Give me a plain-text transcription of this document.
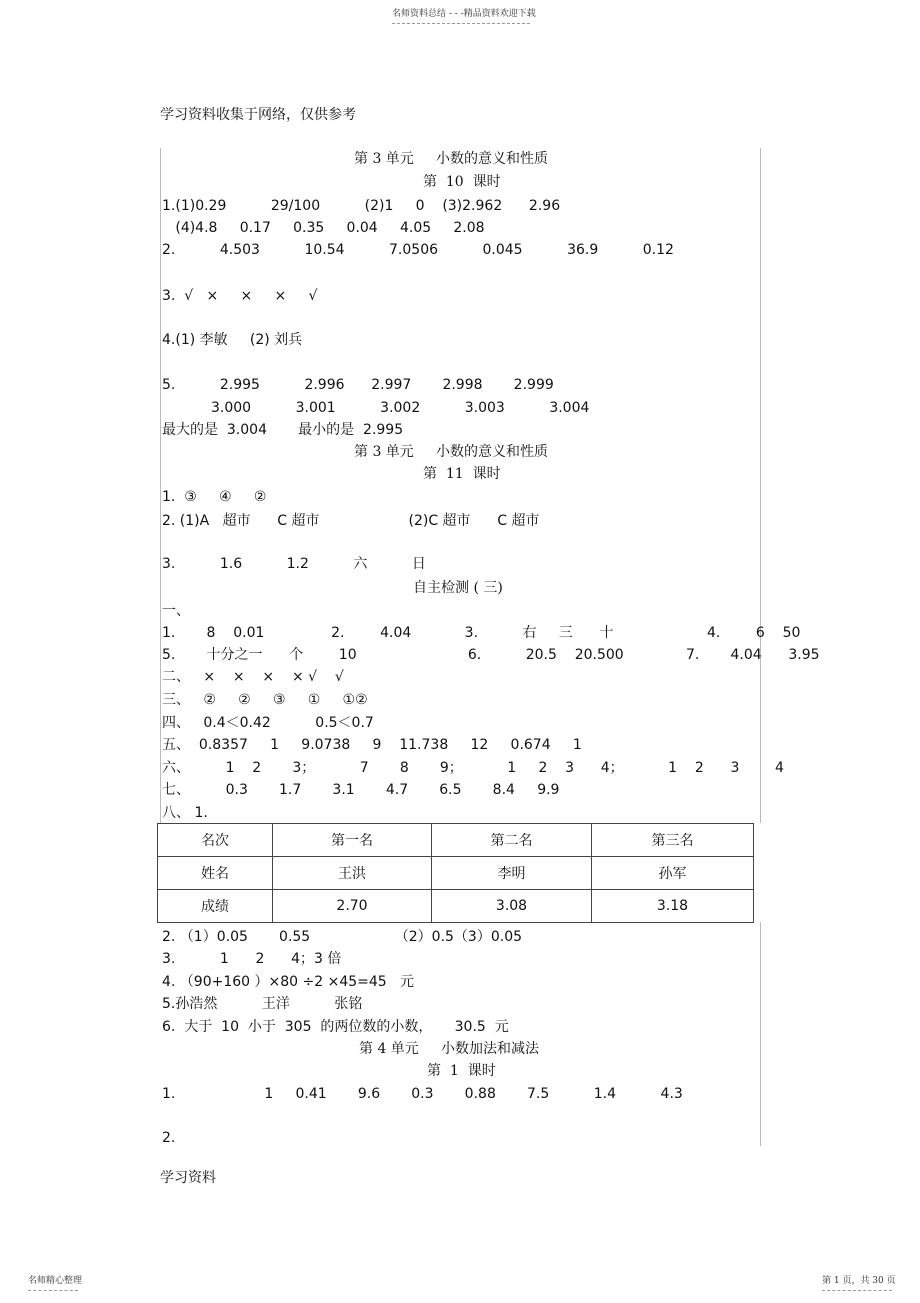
名师资料总结 - - -精品资料欢迎下载
学习资料收集于网络，仅供参考
第 3 单元     小数的意义和性质
第  10  课时
1.(1)0.29          29/100          (2)1     0    (3)2.962      2.96
(4)4.8     0.17     0.35     0.04     4.05     2.08
2.          4.503          10.54          7.0506          0.045          36.9          0.12
3.  √   ×     ×     ×     √
4.(1) 李敏     (2) 刘兵
5.          2.995          2.996      2.997       2.998       2.999
3.000          3.001          3.002          3.003          3.004
最大的是  3.004       最小的是  2.995
第 3 单元     小数的意义和性质
第  11  课时
1.  ③     ④     ②
2. (1)A   超市      C 超市                    (2)C 超市      C 超市
3.          1.6          1.2          六          日
自主检测 ( 三)
一、
1.       8    0.01               2.        4.04            3.          右     三      十                     4.        6    50
5.       十分之一      个        10                         6.          20.5    20.500              7.       4.04      3.95
二、   ×    ×    ×    × √    √
三、   ②     ②     ③     ①     ①②
四、   0.4＜0.42          0.5＜0.7
五、  0.8357     1     9.0738     9    11.738     12     0.674     1
六、        1    2       3；          7       8       9；          1     2    3      4；          1    2      3        4
七、        0.3       1.7       3.1       4.7       6.5       8.4     9.9
八、 1.
名次	第一名	第二名	第三名
姓名	王洪	李明	孙军
成绩	2.70	3.08	3.18
2. （1）0.05       0.55                   （2）0.5（3）0.05
3.          1      2      4；3 倍
4. （90+160 ）×80 ÷2 ×45=45   元
5.孙浩然          王洋          张铭
6.  大于  10  小于  305  的两位数的小数，     30.5  元
第 4 单元     小数加法和减法
第  1  课时
1.                    1     0.41       9.6       0.3       0.88       7.5          1.4          4.3
2.
学习资料
名师精心整理	第 1 页，共 30 页
